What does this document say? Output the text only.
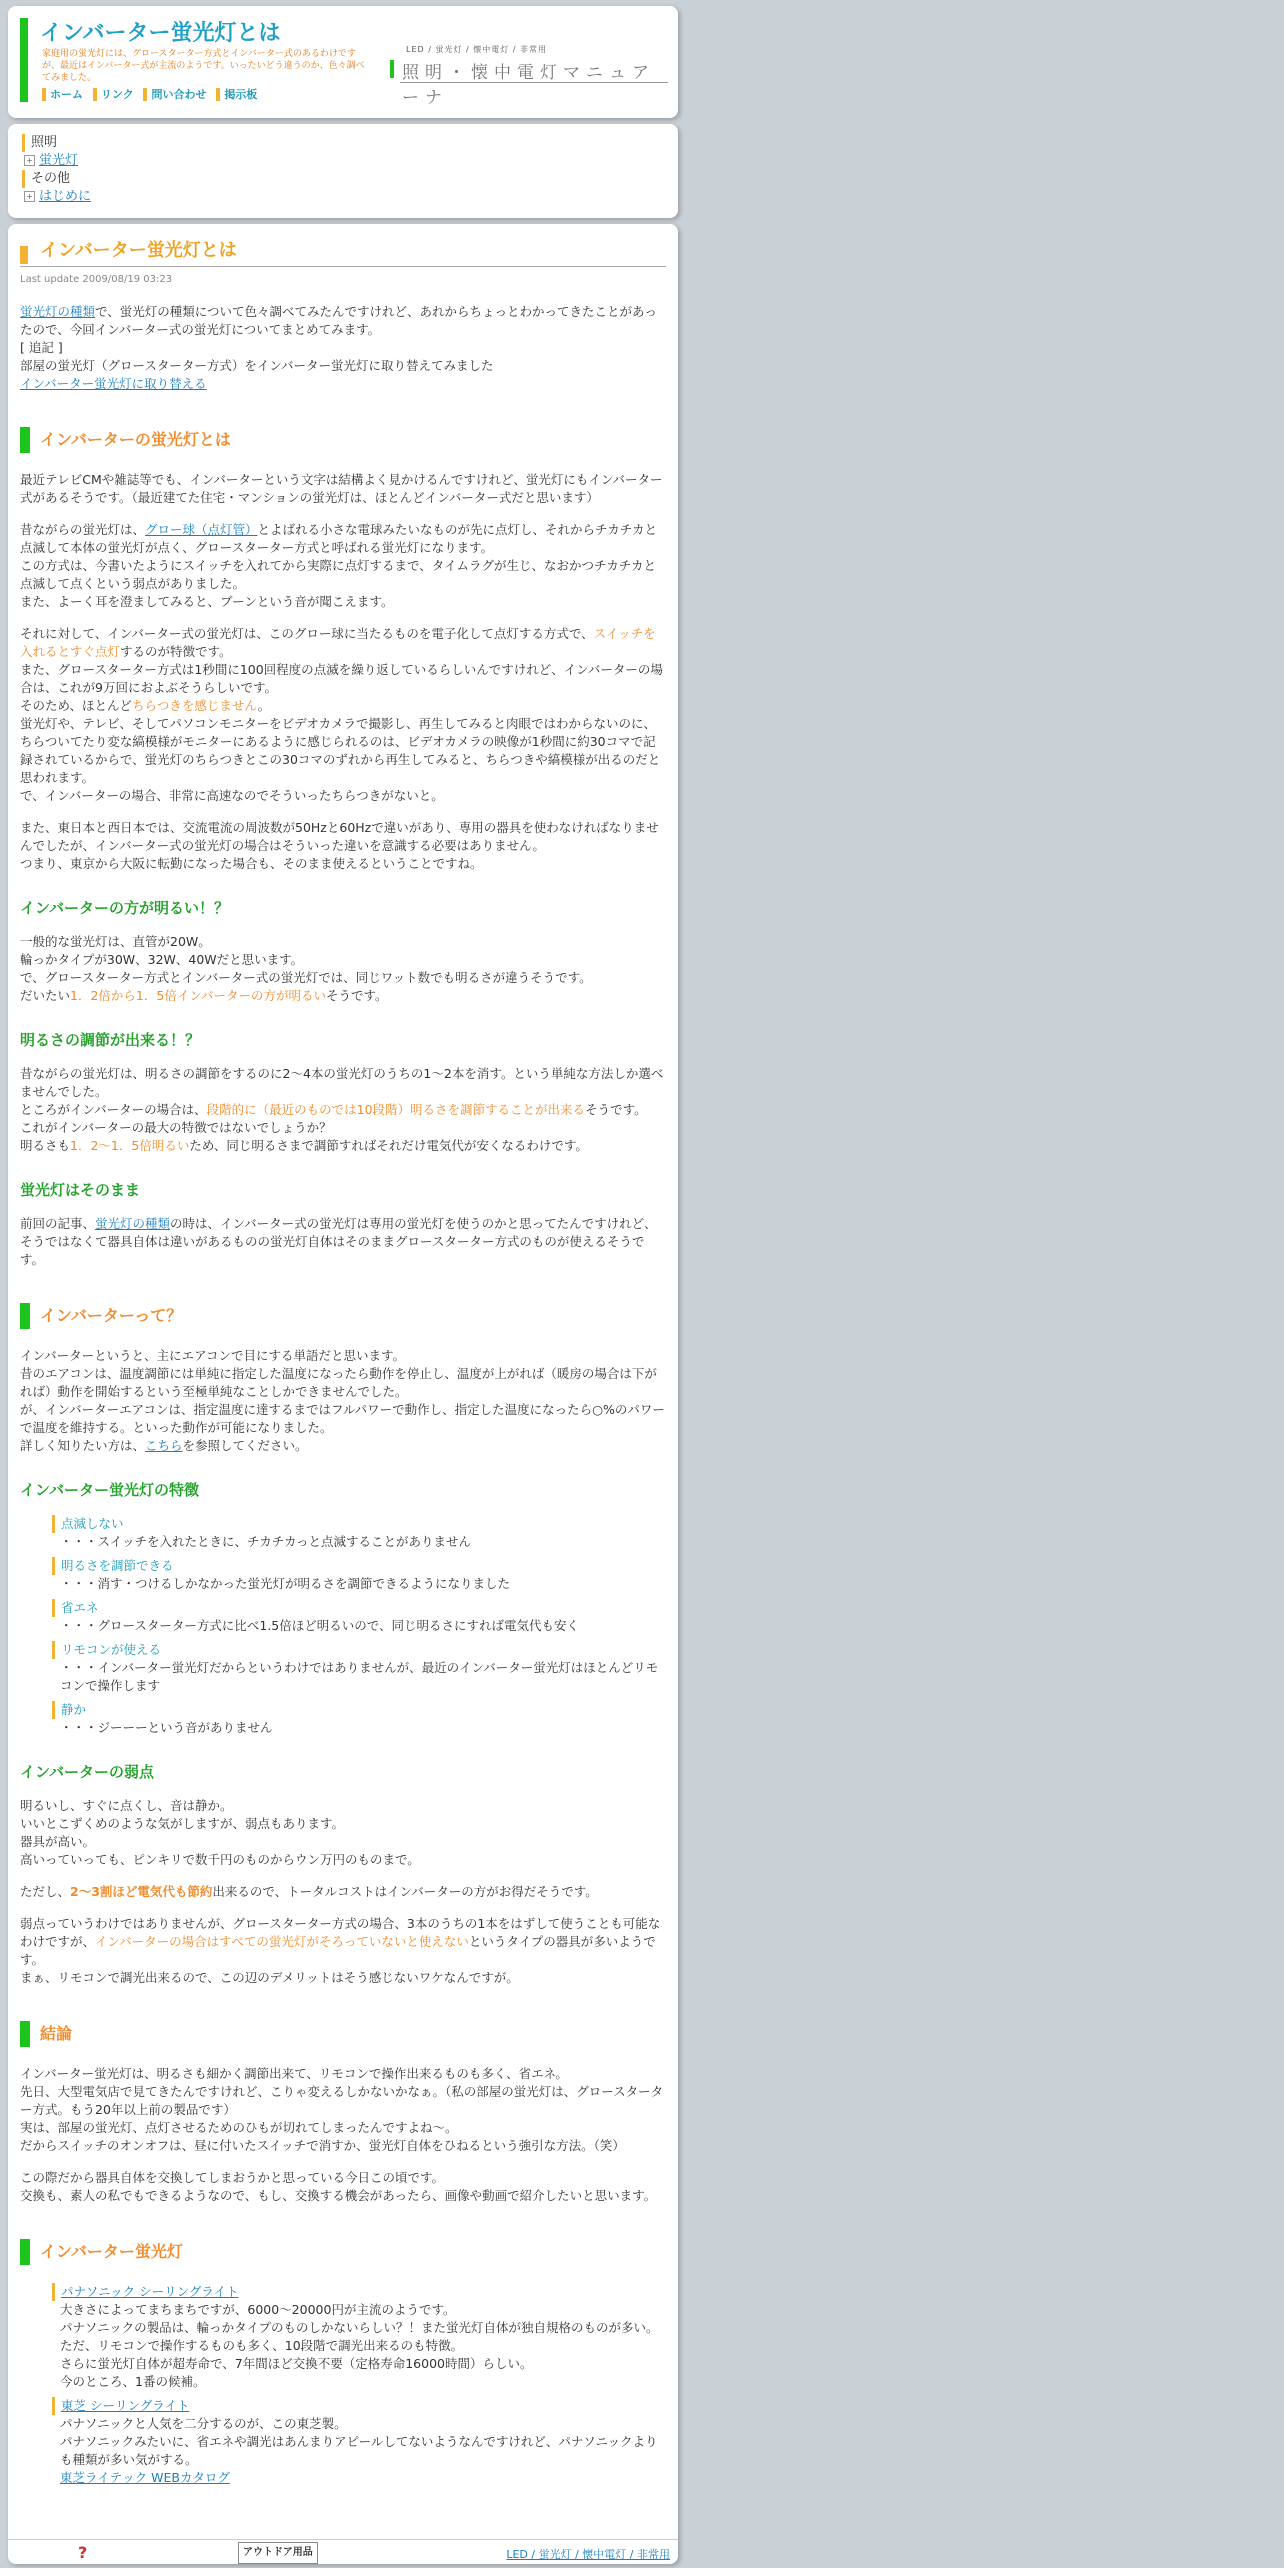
インバーター蛍光灯とは

家庭用の蛍光灯には、グロースターター方式とインバーター式のあるわけですが、最近はインバーター式が主流のようです。いったいどう違うのか、色々調べてみました。

ホーム リンク 問い合わせ 掲示板
LED / 蛍光灯 / 懐中電灯 / 非常用
照明・懐中電灯マニュアーナ
照明
+ 蛍光灯
その他
+ はじめに
インバーター蛍光灯とは
Last update 2009/08/19 03:23

蛍光灯の種類で、蛍光灯の種類について色々調べてみたんですけれど、あれからちょっとわかってきたことがあったので、今回インバーター式の蛍光灯についてまとめてみます。
[ 追記 ]
部屋の蛍光灯（グロースターター方式）をインバーター蛍光灯に取り替えてみました
インバーター蛍光灯に取り替える

インバーターの蛍光灯とは

最近テレビCMや雑誌等でも、インバーターという文字は結構よく見かけるんですけれど、蛍光灯にもインバーター式があるそうです。（最近建てた住宅・マンションの蛍光灯は、ほとんどインバーター式だと思います）

昔ながらの蛍光灯は、グロー球（点灯管）とよばれる小さな電球みたいなものが先に点灯し、それからチカチカと点滅して本体の蛍光灯が点く、グロースターター方式と呼ばれる蛍光灯になります。
この方式は、今書いたようにスイッチを入れてから実際に点灯するまで、タイムラグが生じ、なおかつチカチカと点滅して点くという弱点がありました。
また、よーく耳を澄ましてみると、ブーンという音が聞こえます。

それに対して、インバーター式の蛍光灯は、このグロー球に当たるものを電子化して点灯する方式で、スイッチを入れるとすぐ点灯するのが特徴です。
また、グロースターター方式は1秒間に100回程度の点滅を繰り返しているらしいんですけれど、インバーターの場合は、これが9万回におよぶそうらしいです。
そのため、ほとんどちらつきを感じません。
蛍光灯や、テレビ、そしてパソコンモニターをビデオカメラで撮影し、再生してみると肉眼ではわからないのに、ちらついてたり変な縞模様がモニターにあるように感じられるのは、ビデオカメラの映像が1秒間に約30コマで記録されているからで、蛍光灯のちらつきとこの30コマのずれから再生してみると、ちらつきや縞模様が出るのだと思われます。
で、インバーターの場合、非常に高速なのでそういったちらつきがないと。

また、東日本と西日本では、交流電流の周波数が50Hzと60Hzで違いがあり、専用の器具を使わなければなりませんでしたが、インバーター式の蛍光灯の場合はそういった違いを意識する必要はありません。
つまり、東京から大阪に転勤になった場合も、そのまま使えるということですね。

インバーターの方が明るい！？

一般的な蛍光灯は、直管が20W。
輪っかタイプが30W、32W、40Wだと思います。
で、グロースターター方式とインバーター式の蛍光灯では、同じワット数でも明るさが違うそうです。
だいたい1．2倍から1．5倍インバーターの方が明るいそうです。

明るさの調節が出来る！？

昔ながらの蛍光灯は、明るさの調節をするのに2～4本の蛍光灯のうちの1～2本を消す。という単純な方法しか選べませんでした。
ところがインバーターの場合は、段階的に（最近のものでは10段階）明るさを調節することが出来るそうです。
これがインバーターの最大の特徴ではないでしょうか？
明るさも1．2～1．5倍明るいため、同じ明るさまで調節すればそれだけ電気代が安くなるわけです。

蛍光灯はそのまま

前回の記事、蛍光灯の種類の時は、インバーター式の蛍光灯は専用の蛍光灯を使うのかと思ってたんですけれど、そうではなくて器具自体は違いがあるものの蛍光灯自体はそのままグロースターター方式のものが使えるそうです。

インバーターって？

インバーターというと、主にエアコンで目にする単語だと思います。
昔のエアコンは、温度調節には単純に指定した温度になったら動作を停止し、温度が上がれば（暖房の場合は下がれば）動作を開始するという至極単純なことしかできませんでした。
が、インバーターエアコンは、指定温度に達するまではフルパワーで動作し、指定した温度になったら○%のパワーで温度を維持する。といった動作が可能になりました。
詳しく知りたい方は、こちらを参照してください。

インバーター蛍光灯の特徴
点滅しない
・・・スイッチを入れたときに、チカチカっと点滅することがありません
明るさを調節できる
・・・消す・つけるしかなかった蛍光灯が明るさを調節できるようになりました
省エネ
・・・グロースターター方式に比べ1.5倍ほど明るいので、同じ明るさにすれば電気代も安く
リモコンが使える
・・・インバーター蛍光灯だからというわけではありませんが、最近のインバーター蛍光灯はほとんどリモコンで操作します
静か
・・・ジーーーという音がありません
インバーターの弱点

明るいし、すぐに点くし、音は静か。
いいとこずくめのような気がしますが、弱点もあります。
器具が高い。
高いっていっても、ピンキリで数千円のものからウン万円のものまで。

ただし、2～3割ほど電気代も節約出来るので、トータルコストはインバーターの方がお得だそうです。

弱点っていうわけではありませんが、グロースターター方式の場合、3本のうちの1本をはずして使うことも可能なわけですが、インバーターの場合はすべての蛍光灯がそろっていないと使えないというタイプの器具が多いようです。
まぁ、リモコンで調光出来るので、この辺のデメリットはそう感じないワケなんですが。

結論

インバーター蛍光灯は、明るさも細かく調節出来て、リモコンで操作出来るものも多く、省エネ。
先日、大型電気店で見てきたんですけれど、こりゃ変えるしかないかなぁ。（私の部屋の蛍光灯は、グロースターター方式。もう20年以上前の製品です）
実は、部屋の蛍光灯、点灯させるためのひもが切れてしまったんですよね～。
だからスイッチのオンオフは、昼に付いたスイッチで消すか、蛍光灯自体をひねるという強引な方法。（笑）

この際だから器具自体を交換してしまおうかと思っている今日この頃です。
交換も、素人の私でもできるようなので、もし、交換する機会があったら、画像や動画で紹介したいと思います。

インバーター蛍光灯
パナソニック シーリングライト
大きさによってまちまちですが、6000～20000円が主流のようです。
パナソニックの製品は、輪っかタイプのものしかないらしい？！また蛍光灯自体が独自規格のものが多い。
ただ、リモコンで操作するものも多く、10段階で調光出来るのも特徴。
さらに蛍光灯自体が超寿命で、7年間ほど交換不要（定格寿命16000時間）らしい。
今のところ、1番の候補。
東芝 シーリングライト
パナソニックと人気を二分するのが、この東芝製。
パナソニックみたいに、省エネや調光はあんまりアピールしてないようなんですけれど、パナソニックよりも種類が多い気がする。
東芝ライテック WEBカタログ
?	アウトドア用品	LED / 蛍光灯 / 懐中電灯 / 非常用
